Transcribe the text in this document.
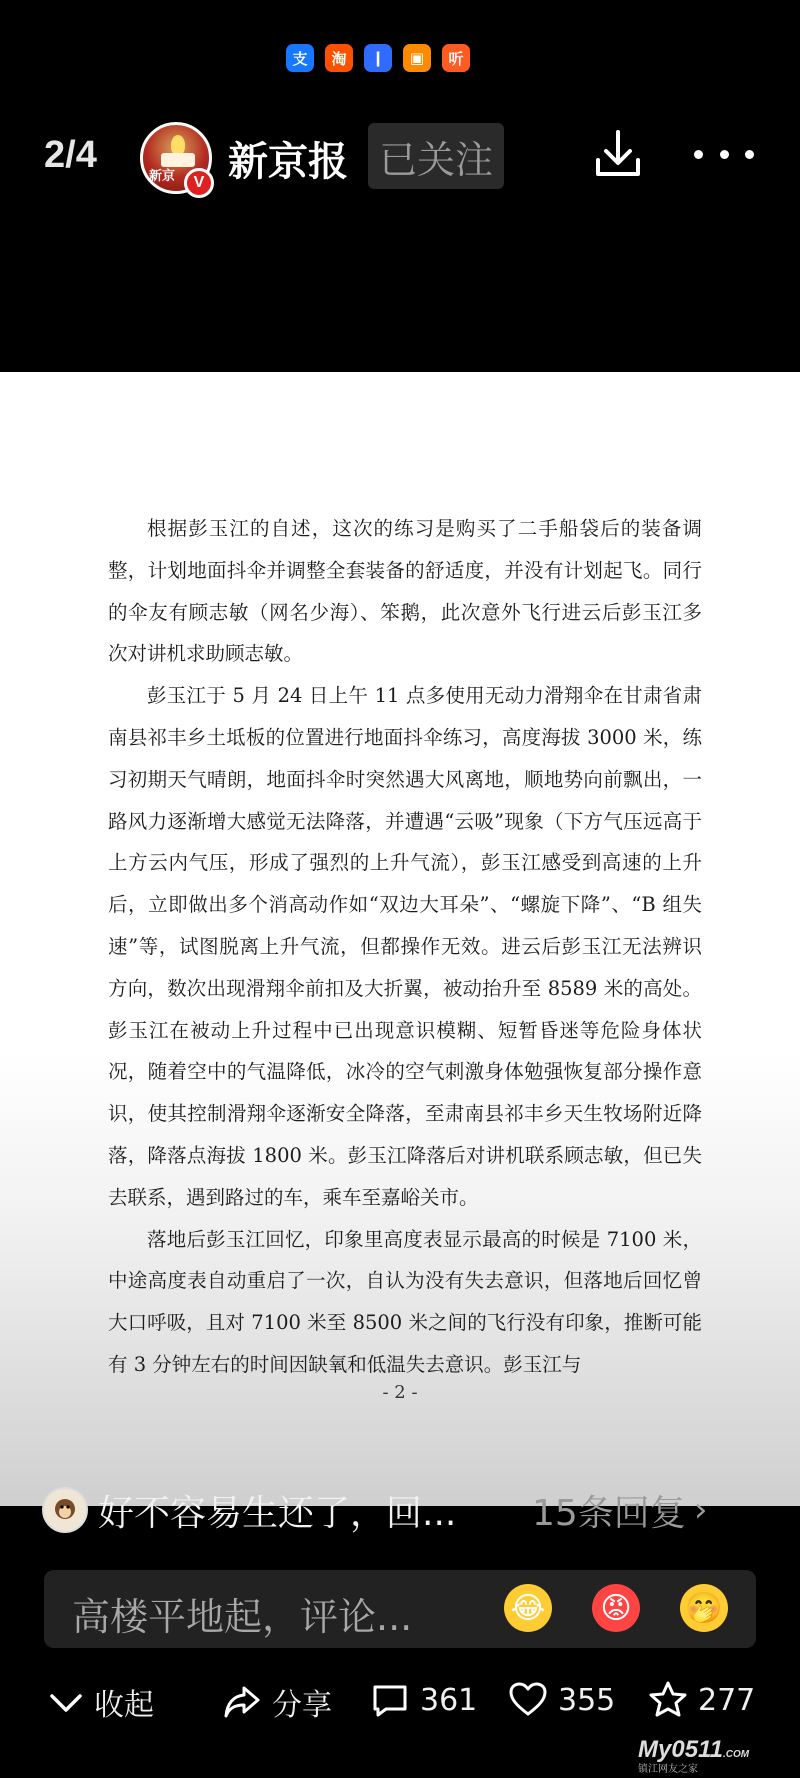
支	淘	❙	▣	听
2/4
新京	V 新京报 已关注

根据彭玉江的自述，这次的练习是购买了二手船袋后的装备调整，计划地面抖伞并调整全套装备的舒适度，并没有计划起飞。同行的伞友有顾志敏（网名少海）、笨鹅，此次意外飞行进云后彭玉江多次对讲机求助顾志敏。

彭玉江于 5 月 24 日上午 11 点多使用无动力滑翔伞在甘肃省肃南县祁丰乡土坻板的位置进行地面抖伞练习，高度海拔 3000 米，练习初期天气晴朗，地面抖伞时突然遇大风离地，顺地势向前飘出，一路风力逐渐增大感觉无法降落，并遭遇“云吸”现象（下方气压远高于上方云内气压，形成了强烈的上升气流），彭玉江感受到高速的上升后，立即做出多个消高动作如“双边大耳朵”、“螺旋下降”、“B 组失速”等，试图脱离上升气流，但都操作无效。进云后彭玉江无法辨识方向，数次出现滑翔伞前扣及大折翼，被动抬升至 8589 米的高处。彭玉江在被动上升过程中已出现意识模糊、短暂昏迷等危险身体状况，随着空中的气温降低，冰冷的空气刺激身体勉强恢复部分操作意识，使其控制滑翔伞逐渐安全降落，至肃南县祁丰乡天生牧场附近降落，降落点海拔 1800 米。彭玉江降落后对讲机联系顾志敏，但已失去联系，遇到路过的车，乘车至嘉峪关市。

落地后彭玉江回忆，印象里高度表显示最高的时候是 7100 米，中途高度表自动重启了一次，自认为没有失去意识，但落地后回忆曾大口呼吸，且对 7100 米至 8500 米之间的飞行没有印象，推断可能有 3 分钟左右的时间因缺氧和低温失去意识。彭玉江与

- 2 -
好不容易生还了，回...	15条回复 ›
高楼平地起，评论...	😂 😡 🤭
收起	分享	361	355	277
My0511.COM
镇江网友之家
